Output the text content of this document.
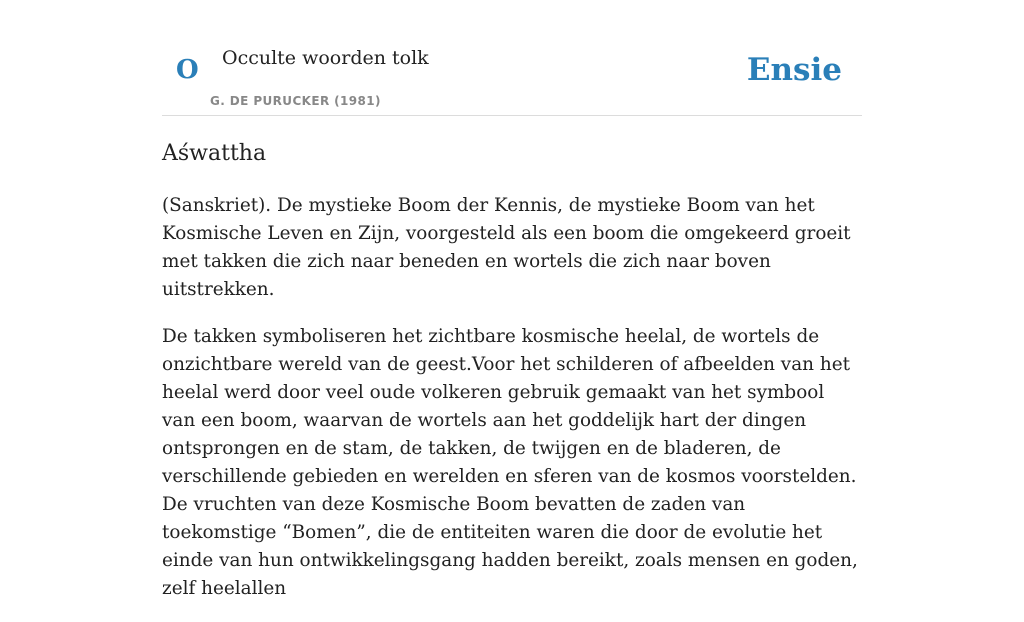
O Occulte woorden tolk
G. DE PURUCKER (1981)
Ensie
Aśwattha

(Sanskriet). De mystieke Boom der Kennis, de mystieke Boom van het Kosmische Leven en Zijn, voorgesteld als een boom die omgekeerd groeit met takken die zich naar beneden en wortels die zich naar boven uitstrekken.

De takken symboliseren het zichtbare kosmische heelal, de wortels de onzichtbare wereld van de geest.Voor het schilderen of afbeelden van het heelal werd door veel oude volkeren gebruik gemaakt van het symbool van een boom, waarvan de wortels aan het goddelijk hart der dingen ontsprongen en de stam, de takken, de twijgen en de bladeren, de verschillende gebieden en werelden en sferen van de kosmos voorstelden. De vruchten van deze Kosmische Boom bevatten de zaden van toekomstige “Bomen”, die de entiteiten waren die door de evolutie het einde van hun ontwikkelingsgang hadden bereikt, zoals mensen en goden, zelf heelallen
